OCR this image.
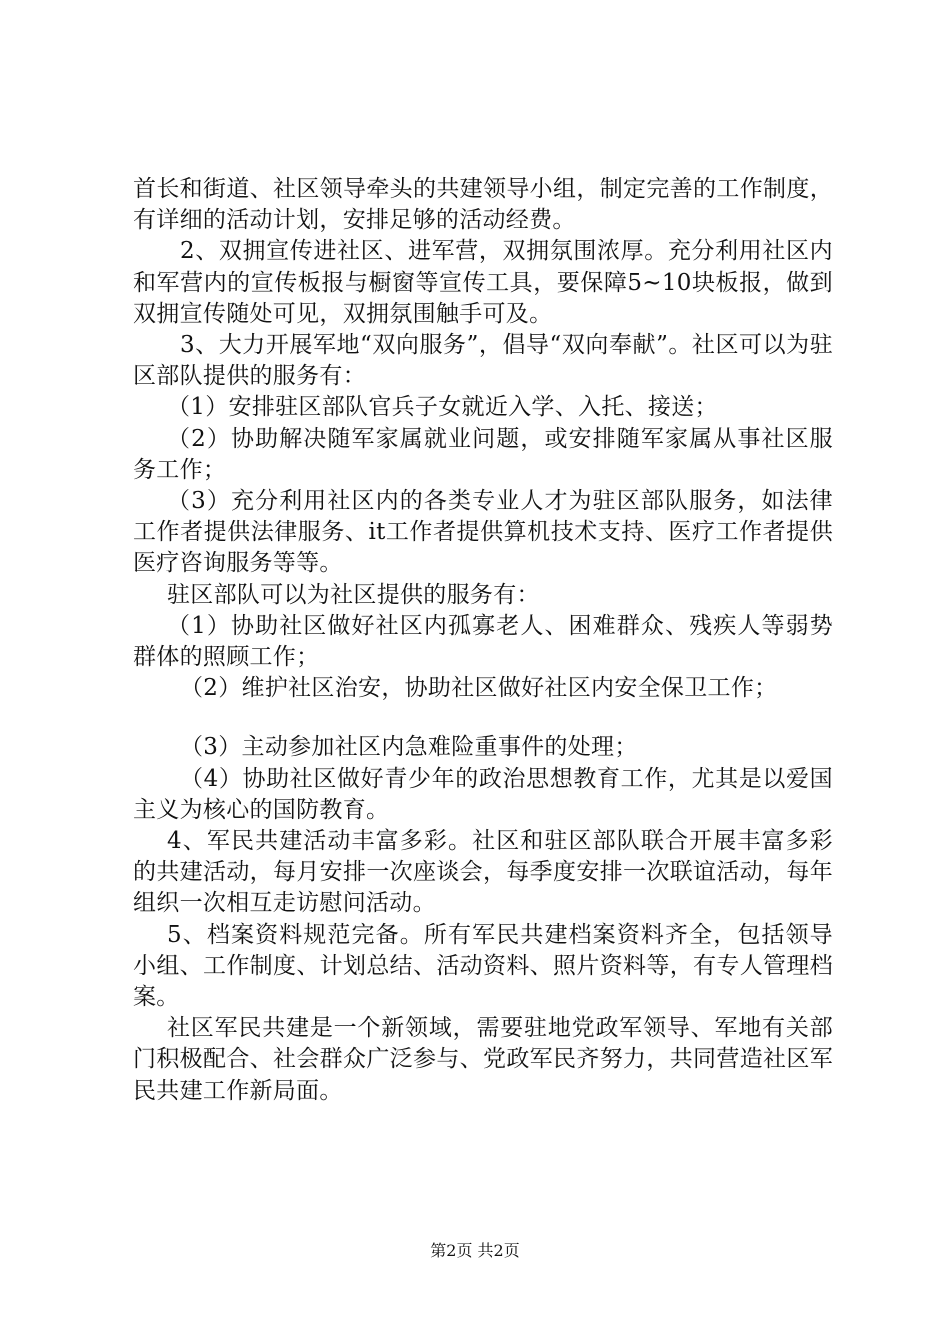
首长和街道、社区领导牵头的共建领导小组，制定完善的工作制度，有详细的活动计划，安排足够的活动经费。

2、双拥宣传进社区、进军营，双拥氛围浓厚。充分利用社区内和军营内的宣传板报与橱窗等宣传工具，要保障5~10块板报，做到双拥宣传随处可见，双拥氛围触手可及。

3、大力开展军地“双向服务”，倡导“双向奉献”。社区可以为驻区部队提供的服务有：

（1）安排驻区部队官兵子女就近入学、入托、接送；

（2）协助解决随军家属就业问题，或安排随军家属从事社区服务工作；

（3）充分利用社区内的各类专业人才为驻区部队服务，如法律工作者提供法律服务、it工作者提供算机技术支持、医疗工作者提供医疗咨询服务等等。

驻区部队可以为社区提供的服务有：

（1）协助社区做好社区内孤寡老人、困难群众、残疾人等弱势群体的照顾工作；

（2）维护社区治安，协助社区做好社区内安全保卫工作；

（3）主动参加社区内急难险重事件的处理；

（4）协助社区做好青少年的政治思想教育工作，尤其是以爱国主义为核心的国防教育。

4、军民共建活动丰富多彩。社区和驻区部队联合开展丰富多彩的共建活动，每月安排一次座谈会，每季度安排一次联谊活动，每年组织一次相互走访慰问活动。

5、档案资料规范完备。所有军民共建档案资料齐全，包括领导小组、工作制度、计划总结、活动资料、照片资料等，有专人管理档案。

社区军民共建是一个新领域，需要驻地党政军领导、军地有关部门积极配合、社会群众广泛参与、党政军民齐努力，共同营造社区军民共建工作新局面。

第2页 共2页
